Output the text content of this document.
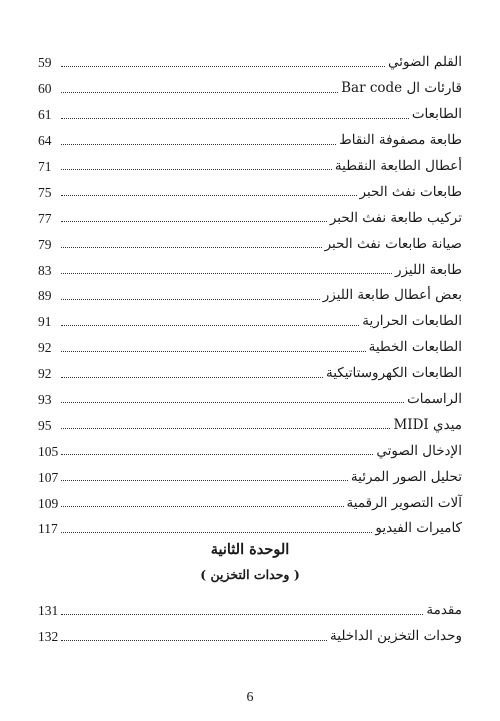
القلم الضوئي
59
قارئات ال Bar code
60
الطابعات
61
طابعة مصفوفة النقاط
64
أعطال الطابعة النقطية
71
طابعات نفث الحبر
75
تركيب طابعة نفث الحبر
77
صيانة طابعات نفث الحبر
79
طابعة الليزر
83
بعض أعطال طابعة الليزر
89
الطابعات الحرارية
91
الطابعات الخطية
92
الطابعات الكهروستاتيكية
92
الراسمات
93
ميدي MIDI
95
الإدخال الصوتي
105
تحليل الصور المرئية
107
آلات التصوير الرقمية
109
كاميرات الفيديو
117
الوحدة الثانية
( وحدات التخزين )
مقدمة
131
وحدات التخزين الداخلية
132
6
